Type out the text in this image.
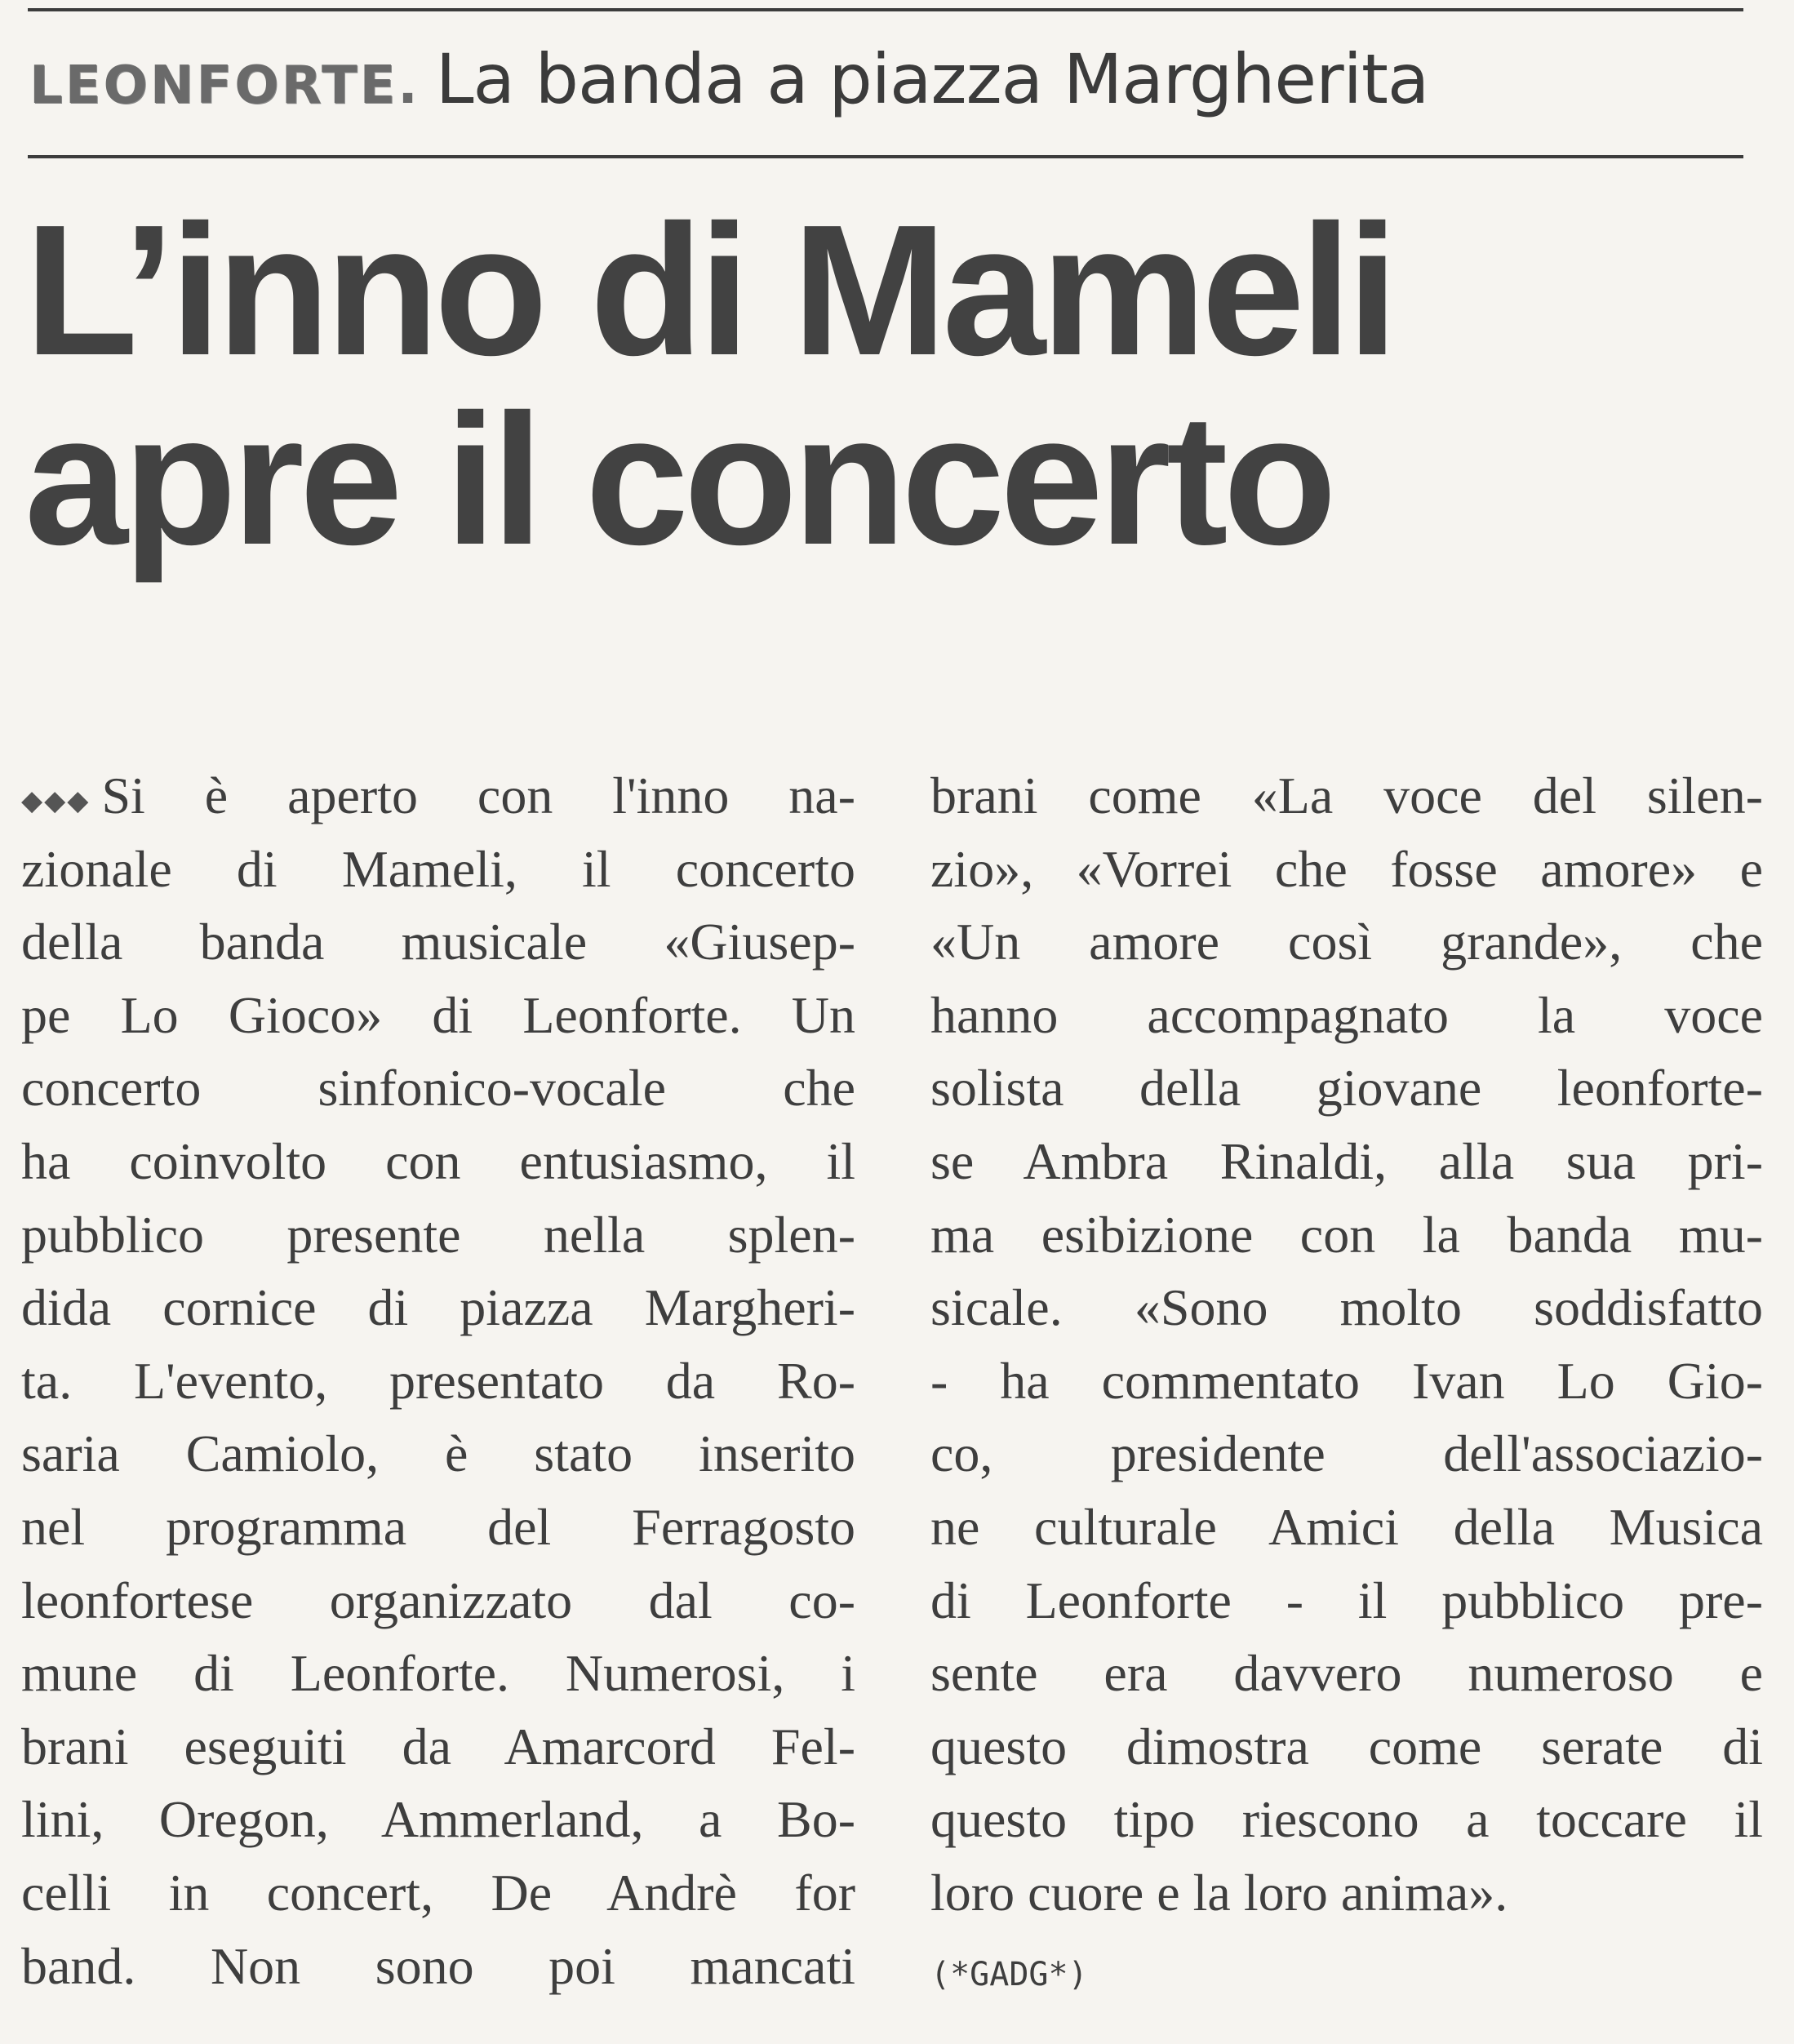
LEONFORTE . La banda a piazza Margherita
L’inno di Mameli
apre il concerto
◆◆◆ Si è aperto con l'inno na-
zionale di Mameli, il concerto
della banda musicale «Giusep-
pe Lo Gioco» di Leonforte. Un
concerto sinfonico-vocale che
ha coinvolto con entusiasmo, il
pubblico presente nella splen-
dida cornice di piazza Margheri-
ta. L'evento, presentato da Ro-
saria Camiolo, è stato inserito
nel programma del Ferragosto
leonfortese organizzato dal co-
mune di Leonforte. Numerosi, i
brani eseguiti da Amarcord Fel-
lini, Oregon, Ammerland, a Bo-
celli in concert, De Andrè for
band. Non sono poi mancati
brani come «La voce del silen-
zio», «Vorrei che fosse amore» e
«Un amore così grande», che
hanno accompagnato la voce
solista della giovane leonforte-
se Ambra Rinaldi, alla sua pri-
ma esibizione con la banda mu-
sicale. «Sono molto soddisfatto
- ha commentato Ivan Lo Gio-
co, presidente dell'associazio-
ne culturale Amici della Musica
di Leonforte - il pubblico pre-
sente era davvero numeroso e
questo dimostra come serate di
questo tipo riescono a toccare il
loro cuore e la loro anima».
(*GADG*)
